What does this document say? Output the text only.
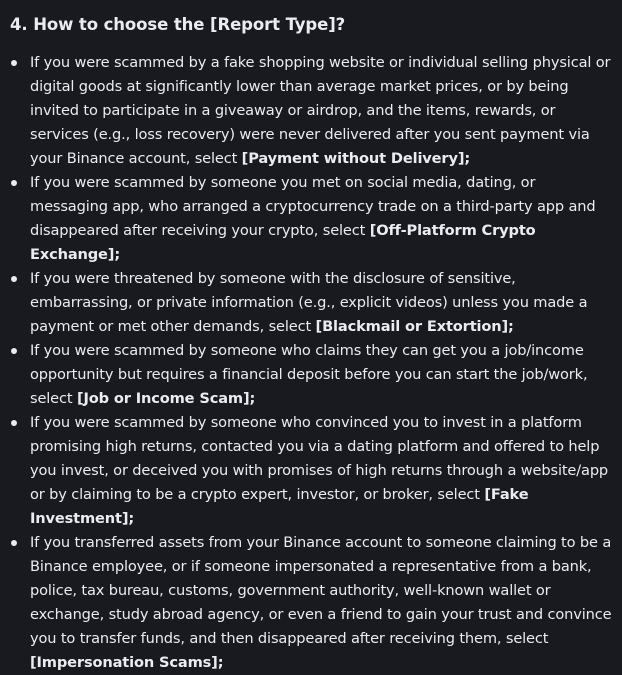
4. How to choose the [Report Type]?
If you were scammed by a fake shopping website or individual selling physical or digital goods at significantly lower than average market prices, or by being invited to participate in a giveaway or airdrop, and the items, rewards, or services (e.g., loss recovery) were never delivered after you sent payment via your Binance account, select [Payment without Delivery];
If you were scammed by someone you met on social media, dating, or messaging app, who arranged a cryptocurrency trade on a third-party app and disappeared after receiving your crypto, select [Off-Platform Crypto Exchange];
If you were threatened by someone with the disclosure of sensitive, embarrassing, or private information (e.g., explicit videos) unless you made a payment or met other demands, select [Blackmail or Extortion];
If you were scammed by someone who claims they can get you a job/income opportunity but requires a financial deposit before you can start the job/work, select [Job or Income Scam];
If you were scammed by someone who convinced you to invest in a platform promising high returns, contacted you via a dating platform and offered to help you invest, or deceived you with promises of high returns through a website/app or by claiming to be a crypto expert, investor, or broker, select [Fake Investment];
If you transferred assets from your Binance account to someone claiming to be a Binance employee, or if someone impersonated a representative from a bank, police, tax bureau, customs, government authority, well-known wallet or exchange, study abroad agency, or even a friend to gain your trust and convince you to transfer funds, and then disappeared after receiving them, select [Impersonation Scams];
